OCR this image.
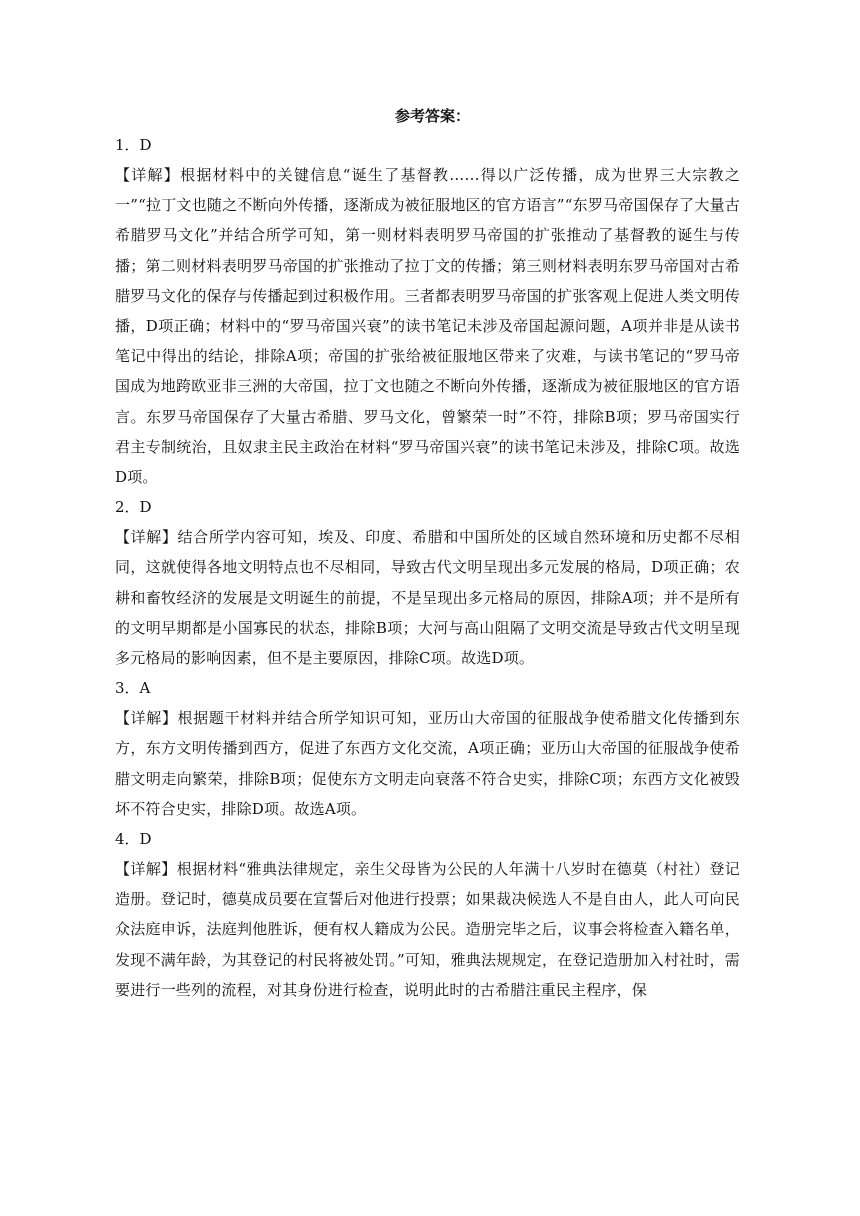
参考答案：
1．D

【详解】根据材料中的关键信息“诞生了基督教……得以广泛传播，成为世界三大宗教之一”“拉丁文也随之不断向外传播，逐渐成为被征服地区的官方语言”“东罗马帝国保存了大量古希腊罗马文化”并结合所学可知，第一则材料表明罗马帝国的扩张推动了基督教的诞生与传播；第二则材料表明罗马帝国的扩张推动了拉丁文的传播；第三则材料表明东罗马帝国对古希腊罗马文化的保存与传播起到过积极作用。三者都表明罗马帝国的扩张客观上促进人类文明传播，D项正确；材料中的“罗马帝国兴衰”的读书笔记未涉及帝国起源问题，A项并非是从读书笔记中得出的结论，排除A项；帝国的扩张给被征服地区带来了灾难，与读书笔记的“罗马帝国成为地跨欧亚非三洲的大帝国，拉丁文也随之不断向外传播，逐渐成为被征服地区的官方语言。东罗马帝国保存了大量古希腊、罗马文化，曾繁荣一时”不符，排除B项；罗马帝国实行君主专制统治，且奴隶主民主政治在材料“罗马帝国兴衰”的读书笔记未涉及，排除C项。故选D项。

2．D

【详解】结合所学内容可知，埃及、印度、希腊和中国所处的区域自然环境和历史都不尽相同，这就使得各地文明特点也不尽相同，导致古代文明呈现出多元发展的格局，D项正确；农耕和畜牧经济的发展是文明诞生的前提，不是呈现出多元格局的原因，排除A项；并不是所有的文明早期都是小国寡民的状态，排除B项；大河与高山阻隔了文明交流是导致古代文明呈现多元格局的影响因素，但不是主要原因，排除C项。故选D项。

3．A

【详解】根据题干材料并结合所学知识可知，亚历山大帝国的征服战争使希腊文化传播到东方，东方文明传播到西方，促进了东西方文化交流，A项正确；亚历山大帝国的征服战争使希腊文明走向繁荣，排除B项；促使东方文明走向衰落不符合史实，排除C项；东西方文化被毁坏不符合史实，排除D项。故选A项。

4．D

【详解】根据材料“雅典法律规定，亲生父母皆为公民的人年满十八岁时在德莫（村社）登记造册。登记时，德莫成员要在宣誓后对他进行投票；如果裁决候选人不是自由人，此人可向民众法庭申诉，法庭判他胜诉，便有权人籍成为公民。造册完毕之后，议事会将检查入籍名单，发现不满年龄，为其登记的村民将被处罚。”可知，雅典法规规定，在登记造册加入村社时，需要进行一些列的流程，对其身份进行检查，说明此时的古希腊注重民主程序，保
